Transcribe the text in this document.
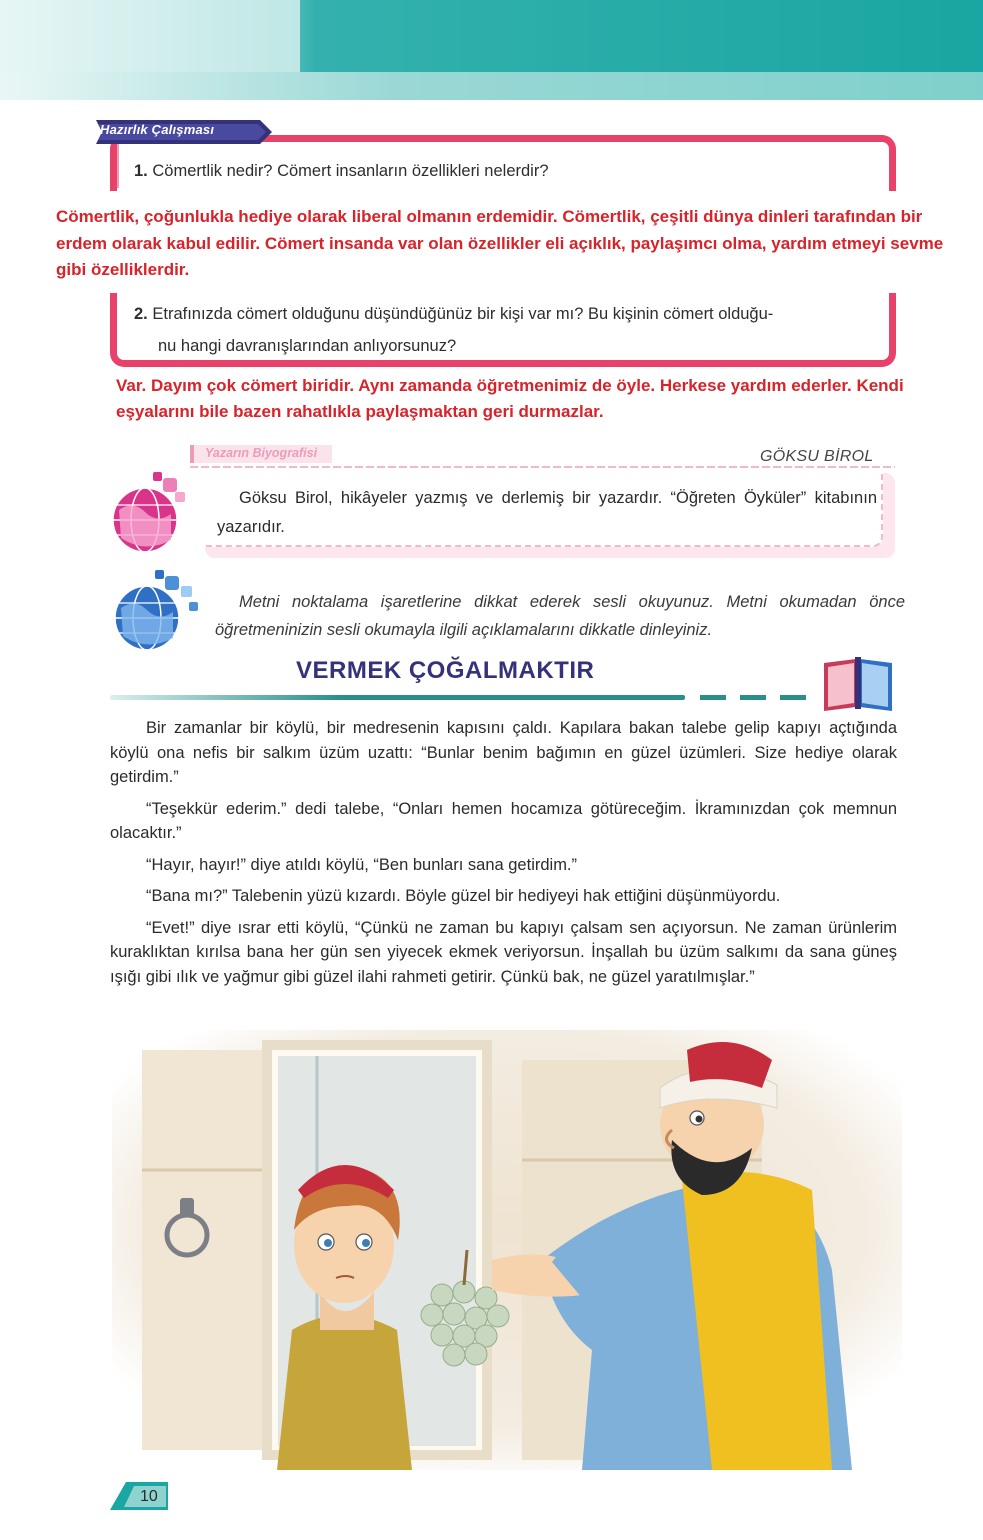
Hazırlık Çalışması
1. Cömertlik nedir? Cömert insanların özellikleri nelerdir?
Cömertlik, çoğunlukla hediye olarak liberal olmanın erdemidir. Cömertlik, çeşitli dünya dinleri tarafından bir erdem olarak kabul edilir. Cömert insanda var olan özellikler eli açıklık, paylaşımcı olma, yardım etmeyi sevme gibi özelliklerdir.
2. Etrafınızda cömert olduğunu düşündüğünüz bir kişi var mı? Bu kişinin cömert olduğu-
nu hangi davranışlarından anlıyorsunuz?
Var. Dayım çok cömert biridir. Aynı zamanda öğretmenimiz de öyle. Herkese yardım ederler. Kendi eşyalarını bile bazen rahatlıkla paylaşmaktan geri durmazlar.
Yazarın Biyografisi	GÖKSU BİROL
Göksu Birol, hikâyeler yazmış ve derlemiş bir yazardır. “Öğreten Öyküler” kitabının yazarıdır.
Metni noktalama işaretlerine dikkat ederek sesli okuyunuz. Metni okumadan önce öğretmeninizin sesli okumayla ilgili açıklamalarını dikkatle dinleyiniz.
VERMEK ÇOĞALMAKTIR

Bir zamanlar bir köylü, bir medresenin kapısını çaldı. Kapılara bakan talebe gelip kapıyı açtığında köylü ona nefis bir salkım üzüm uzattı: “Bunlar benim bağımın en güzel üzümleri. Size hediye olarak getirdim.”

“Teşekkür ederim.” dedi talebe, “Onları hemen hocamıza götüreceğim. İkramınızdan çok memnun olacaktır.”

“Hayır, hayır!” diye atıldı köylü, “Ben bunları sana getirdim.”

“Bana mı?” Talebenin yüzü kızardı. Böyle güzel bir hediyeyi hak ettiğini düşünmüyordu.

“Evet!” diye ısrar etti köylü, “Çünkü ne zaman bu kapıyı çalsam sen açıyorsun. Ne zaman ürünlerim kuraklıktan kırılsa bana her gün sen yiyecek ekmek veriyorsun. İnşallah bu üzüm salkımı da sana güneş ışığı gibi ılık ve yağmur gibi güzel ilahi rahmeti getirir. Çünkü bak, ne güzel yaratılmışlar.”

10
